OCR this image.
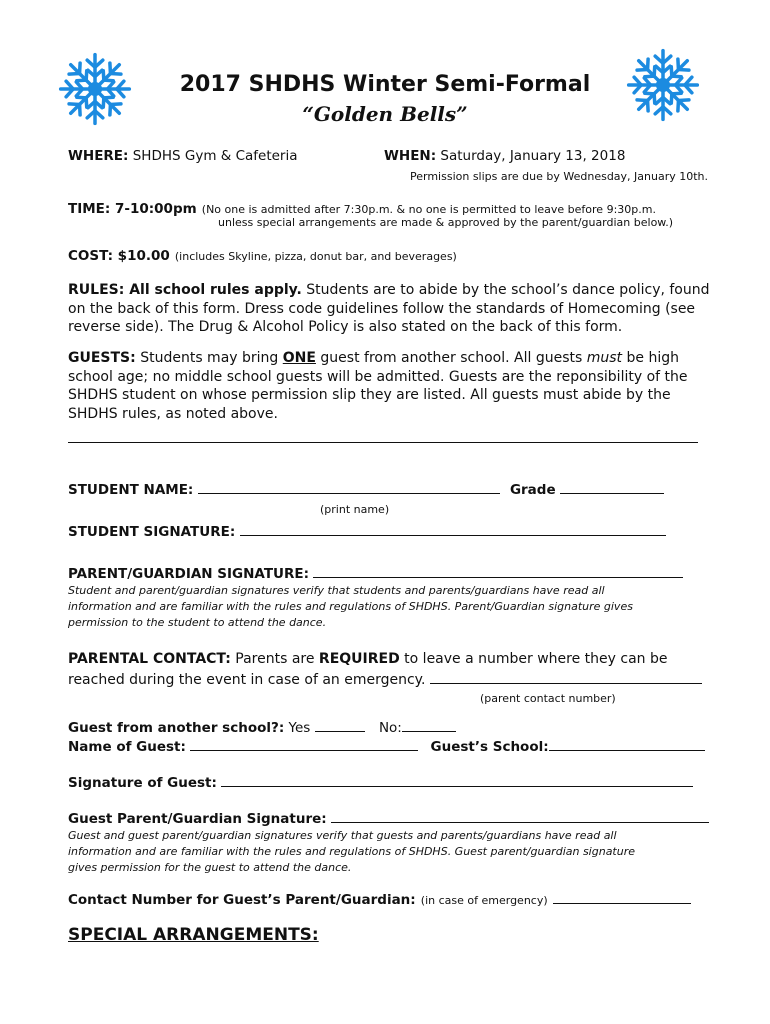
2017 SHDHS Winter Semi-Formal
“Golden Bells”
WHERE: SHDHS Gym & Cafeteria	WHEN: Saturday, January 13, 2018
Permission slips are due by Wednesday, January 10th.
TIME: 7-10:00pm (No one is admitted after 7:30p.m. & no one is permitted to leave before 9:30p.m.
unless special arrangements are made & approved by the parent/guardian below.)
COST: $10.00 (includes Skyline, pizza, donut bar, and beverages)
RULES: All school rules apply. Students are to abide by the school’s dance policy, found
on the back of this form. Dress code guidelines follow the standards of Homecoming (see
reverse side). The Drug & Alcohol Policy is also stated on the back of this form.
GUESTS: Students may bring ONE guest from another school. All guests must be high
school age; no middle school guests will be admitted. Guests are the reponsibility of the
SHDHS student on whose permission slip they are listed. All guests must abide by the
SHDHS rules, as noted above.
STUDENT NAME:	Grade
(print name)
STUDENT SIGNATURE:
PARENT/GUARDIAN SIGNATURE:
Student and parent/guardian signatures verify that students and parents/guardians have read all
information and are familiar with the rules and regulations of SHDHS. Parent/Guardian signature gives
permission to the student to attend the dance.
PARENTAL CONTACT: Parents are REQUIRED to leave a number where they can be
reached during the event in case of an emergency.
(parent contact number)
Guest from another school?: Yes	No:
Name of Guest:	Guest’s School:
Signature of Guest:
Guest Parent/Guardian Signature:
Guest and guest parent/guardian signatures verify that guests and parents/guardians have read all
information and are familiar with the rules and regulations of SHDHS. Guest parent/guardian signature
gives permission for the guest to attend the dance.
Contact Number for Guest’s Parent/Guardian: (in case of emergency)
SPECIAL ARRANGEMENTS:
